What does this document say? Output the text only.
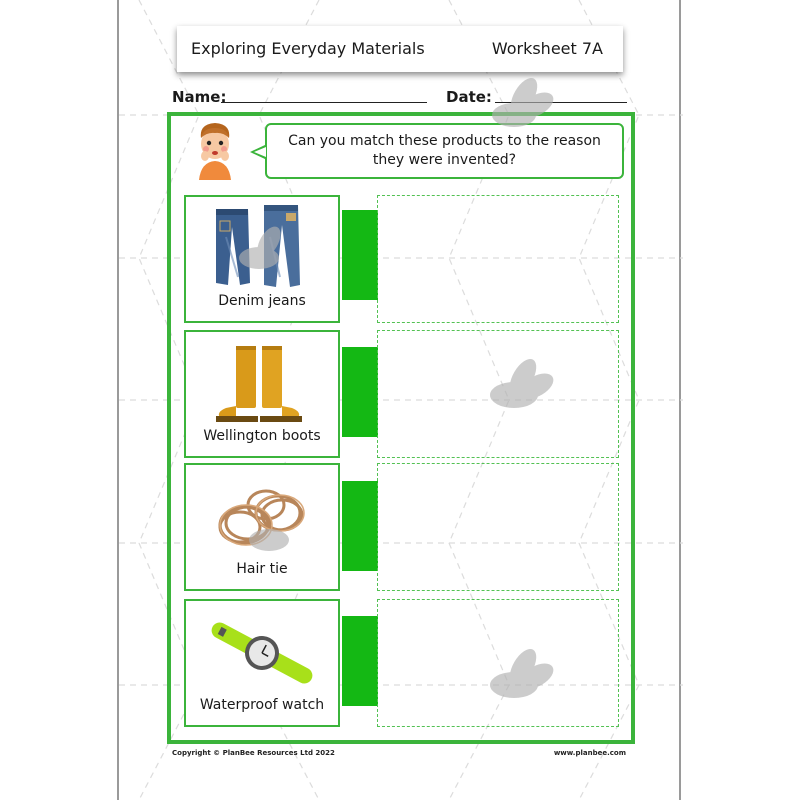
Exploring Everyday Materials	Worksheet 7A
Name:	Date:
Can you match these products to the reason
they were invented?
Denim jeans
Wellington boots
Hair tie
Waterproof watch
Copyright © PlanBee Resources Ltd 2022	www.planbee.com
